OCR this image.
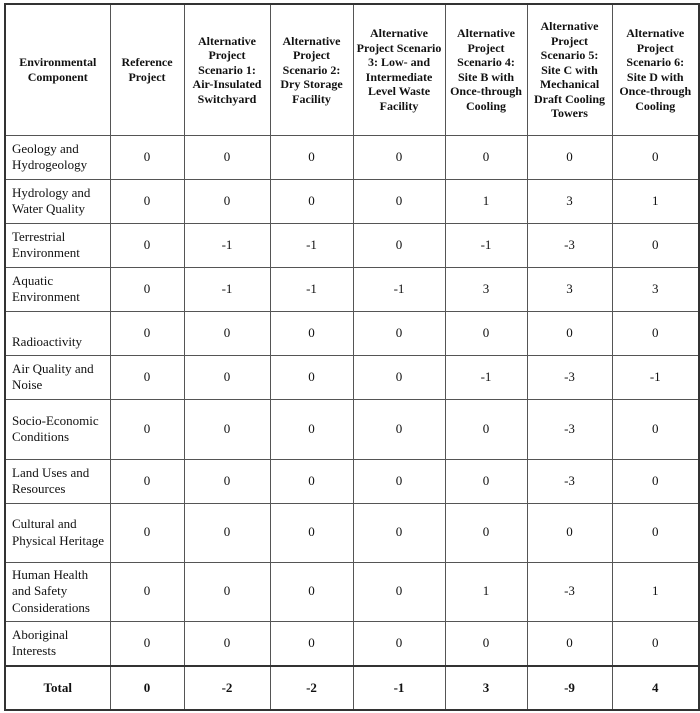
Environmental Component	Reference Project	Alternative Project Scenario 1: Air-Insulated Switchyard	Alternative Project Scenario 2: Dry Storage Facility	Alternative Project Scenario 3: Low- and Intermediate Level Waste Facility	Alternative Project Scenario 4: Site B with Once-through Cooling	Alternative Project Scenario 5: Site C with Mechanical Draft Cooling Towers	Alternative Project Scenario 6: Site D with Once-through Cooling
Geology and Hydrogeology	0	0	0	0	0	0	0
Hydrology and Water Quality	0	0	0	0	1	3	1
Terrestrial Environment	0	-1	-1	0	-1	-3	0
Aquatic Environment	0	-1	-1	-1	3	3	3
Radioactivity	0	0	0	0	0	0	0
Air Quality and Noise	0	0	0	0	-1	-3	-1
Socio-Economic Conditions	0	0	0	0	0	-3	0
Land Uses and Resources	0	0	0	0	0	-3	0
Cultural and Physical Heritage	0	0	0	0	0	0	0
Human Health and Safety Considerations	0	0	0	0	1	-3	1
Aboriginal Interests	0	0	0	0	0	0	0
Total	0	-2	-2	-1	3	-9	4
